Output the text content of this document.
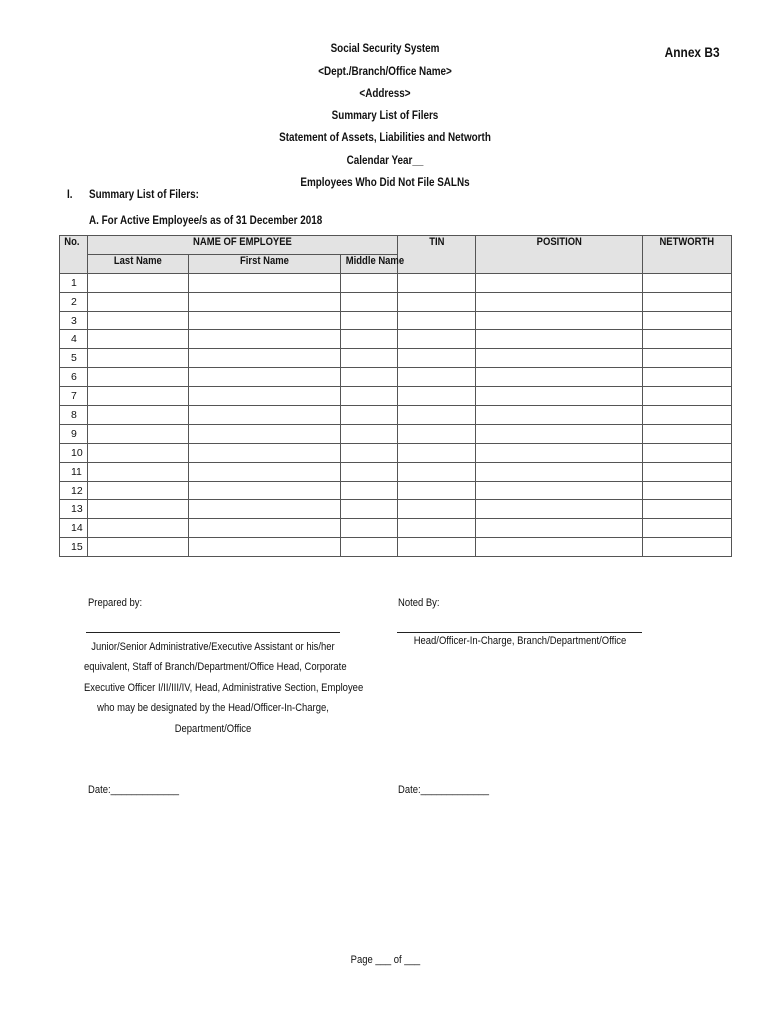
Annex B3
Social Security System
<Dept./Branch/Office Name>
<Address>
Summary List of Filers
Statement of Assets, Liabilities and Networth
Calendar Year__
Employees Who Did Not File SALNs
I. Summary List of Filers:
A. For Active Employee/s as of 31 December 2018
No.	NAME OF EMPLOYEE			TIN	POSITION	NETWORTH
	Last Name	First Name	Middle Name			
1						
2						
3						
4						
5						
6						
7						
8						
9						
10						
11						
12						
13						
14						
15						
Prepared by:	Noted By:
Junior/Senior Administrative/Executive Assistant or his/her
equivalent, Staff of Branch/Department/Office Head, Corporate
Executive Officer I/II/III/IV, Head, Administrative Section, Employee
who may be designated by the Head/Officer-In-Charge,
Department/Office
Head/Officer-In-Charge, Branch/Department/Office
Date:_____________	Date:_____________
Page ___ of ___
